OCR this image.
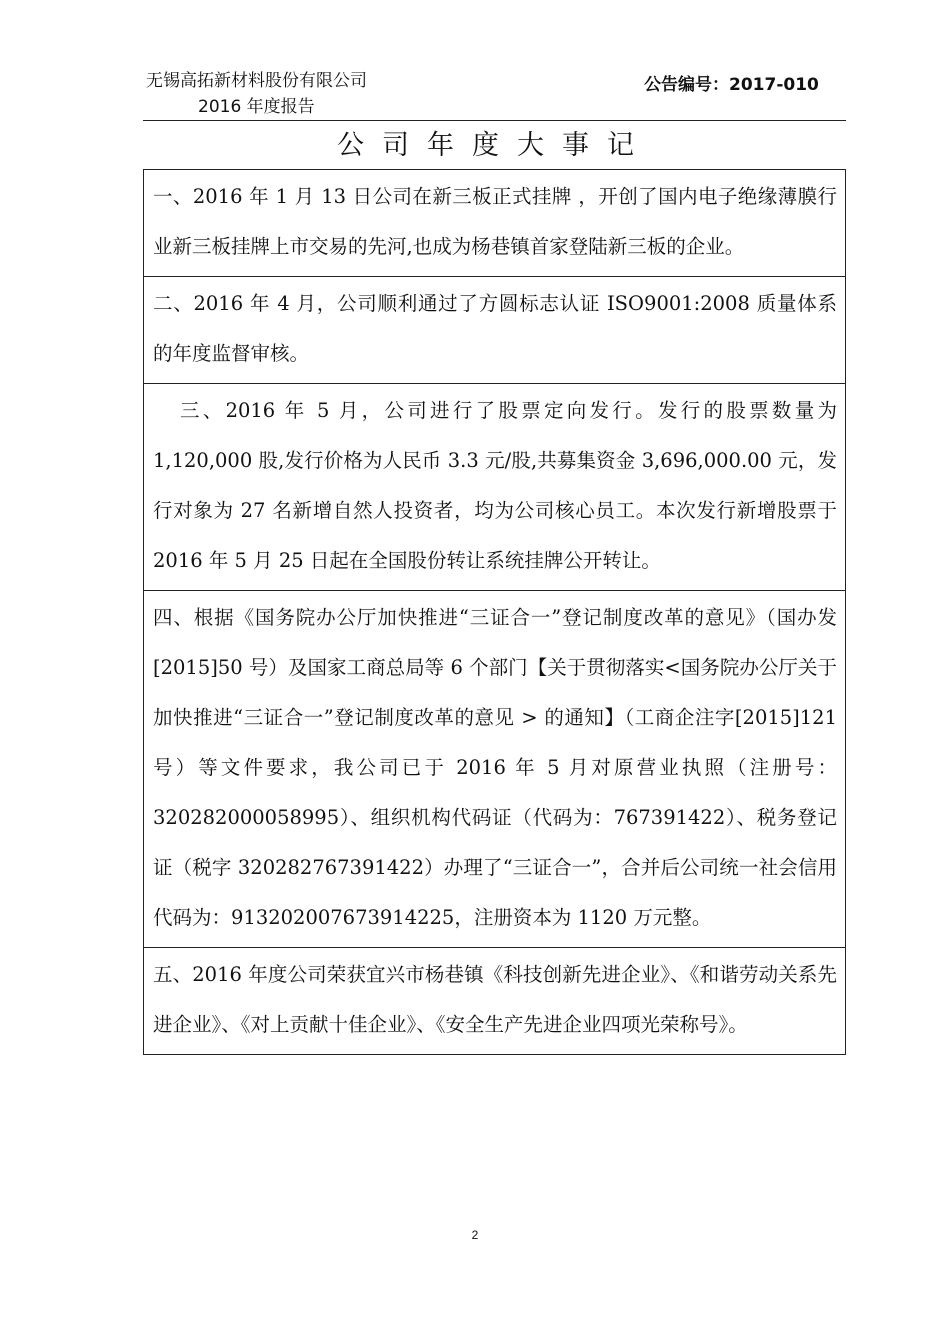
无锡高拓新材料股份有限公司
2016 年度报告
公告编号：2017-010
公司年度大事记
一、2016 年 1 月 13 日公司在新三板正式挂牌 ，开创了国内电子绝缘薄膜行业新三板挂牌上市交易的先河,也成为杨巷镇首家登陆新三板的企业。
二、2016 年 4 月，公司顺利通过了方圆标志认证 ISO9001:2008 质量体系的年度监督审核。
三、2016 年 5 月，公司进行了股票定向发行。发行的股票数量为 1,120,000 股,发行价格为人民币 3.3 元/股,共募集资金 3,696,000.00 元，发行对象为 27 名新增自然人投资者，均为公司核心员工。本次发行新增股票于 2016 年 5 月 25 日起在全国股份转让系统挂牌公开转让。
四、根据《国务院办公厅加快推进“三证合一”登记制度改革的意见》（国办发[2015]50 号）及国家工商总局等 6 个部门【关于贯彻落实<国务院办公厅关于加快推进“三证合一”登记制度改革的意见 > 的通知】（工商企注字[2015]121 号）等文件要求，我公司已于 2016 年 5 月对原营业执照（注册号：320282000058995）、组织机构代码证（代码为：767391422）、税务登记证（税字 320282767391422）办理了“三证合一”，合并后公司统一社会信用代码为：913202007673914225，注册资本为 1120 万元整。
五、2016 年度公司荣获宜兴市杨巷镇《科技创新先进企业》、《和谐劳动关系先进企业》、《对上贡献十佳企业》、《安全生产先进企业四项光荣称号》。
2
